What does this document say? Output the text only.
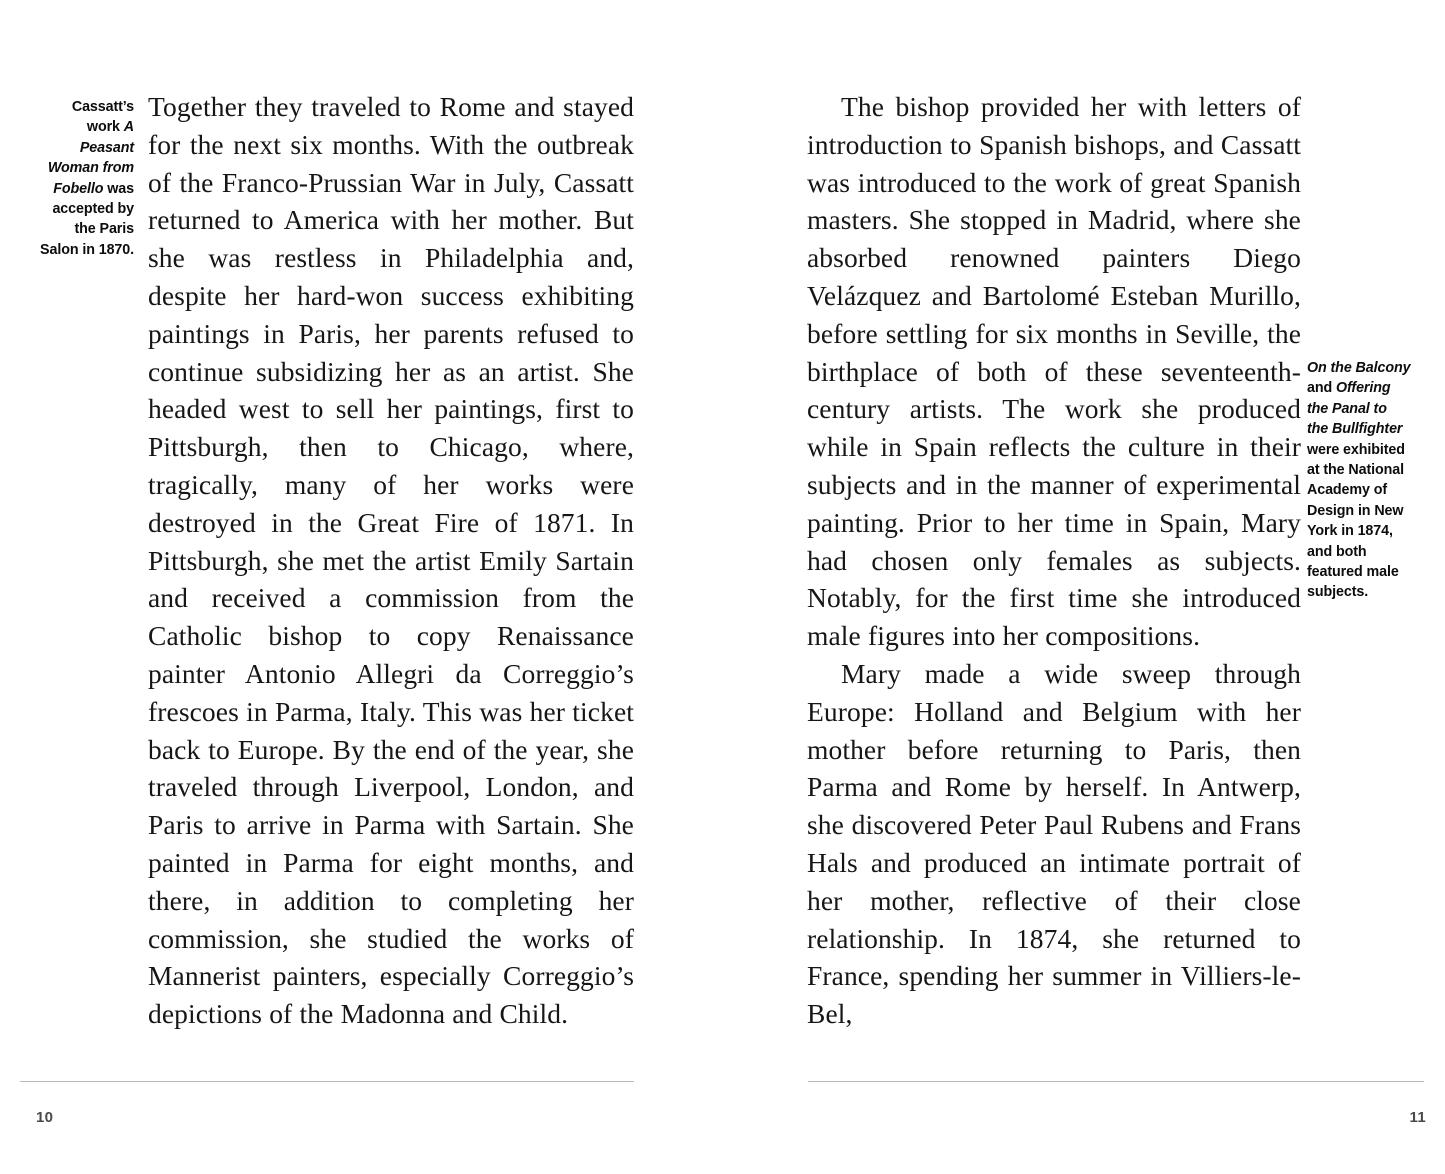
Cassatt’s work A Peasant Woman from Fobello was accepted by the Paris Salon in 1870.

Together they traveled to Rome and stayed for the next six months. With the outbreak of the Franco-Prussian War in July, Cassatt returned to America with her mother. But she was restless in Philadelphia and, despite her hard-won success exhibiting paintings in Paris, her parents refused to continue subsidizing her as an artist. She headed west to sell her paintings, first to Pittsburgh, then to Chicago, where, tragically, many of her works were destroyed in the Great Fire of 1871. In Pittsburgh, she met the artist Emily Sartain and received a commission from the Catholic bishop to copy Renaissance painter Antonio Allegri da Correggio’s frescoes in Parma, Italy. This was her ticket back to Europe. By the end of the year, she traveled through Liverpool, London, and Paris to arrive in Parma with Sartain. She painted in Parma for eight months, and there, in addition to completing her commission, she studied the works of Mannerist painters, especially Correggio’s depictions of the Madonna and Child.

10

The bishop provided her with letters of introduction to Spanish bishops, and Cassatt was introduced to the work of great Spanish masters. She stopped in Madrid, where she absorbed renowned painters Diego Velázquez and Bartolomé Esteban Murillo, before settling for six months in Seville, the birthplace of both of these seventeenth-century artists. The work she produced while in Spain reflects the culture in their subjects and in the manner of experimental painting. Prior to her time in Spain, Mary had chosen only females as subjects. Notably, for the first time she introduced male figures into her compositions.

Mary made a wide sweep through Europe: Holland and Belgium with her mother before returning to Paris, then Parma and Rome by herself. In Antwerp, she discovered Peter Paul Rubens and Frans Hals and produced an intimate portrait of her mother, reflective of their close relationship. In 1874, she returned to France, spending her summer in Villiers-le-Bel,

On the Balcony and Offering the Panal to the Bullfighter were exhibited at the National Academy of Design in New York in 1874, and both featured male subjects.
11
